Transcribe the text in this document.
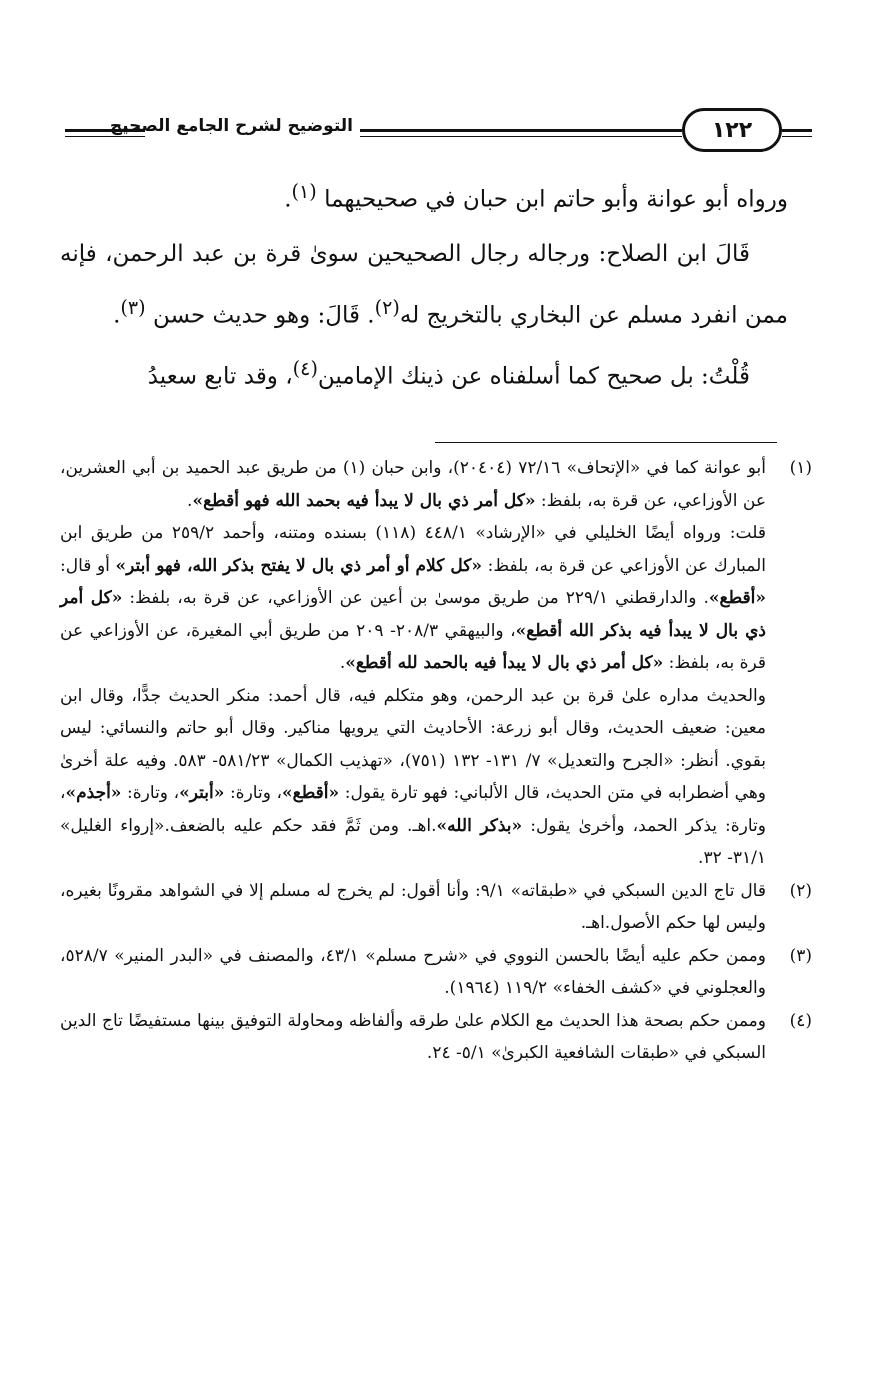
التوضيح لشرح الجامع الصحيح	١٢٢

ورواه أبو عوانة وأبو حاتم ابن حبان في صحيحيهما $^{(١)}$.

قَالَ ابن الصلاح: ورجاله رجال الصحيحين سوىٰ قرة بن عبد الرحمن، فإنه ممن انفرد مسلم عن البخاري بالتخريج له$^{(٢)}$. قَالَ: وهو حديث حسن $^{(٣)}$.

قُلْتُ: بل صحيح كما أسلفناه عن ذينك الإمامين$^{(٤)}$، وقد تابع سعيدُ

(١)

أبو عوانة كما في «الإتحاف» ٧٢/١٦ (٢٠٤٠٤)، وابن حبان (١) من طريق عبد الحميد بن أبي العشرين، عن الأوزاعي، عن قرة به، بلفظ: «كل أمر ذي بال لا يبدأ فيه بحمد الله فهو أقطع».

قلت: ورواه أيضًا الخليلي في «الإرشاد» ٤٤٨/١ (١١٨) بسنده ومتنه، وأحمد ٢٥٩/٢ من طريق ابن المبارك عن الأوزاعي عن قرة به، بلفظ: «كل كلام أو أمر ذي بال لا يفتح بذكر الله، فهو أبتر» أو قال: «أقطع». والدارقطني ٢٢٩/١ من طريق موسىٰ بن أعين عن الأوزاعي، عن قرة به، بلفظ: «كل أمر ذي بال لا يبدأ فيه بذكر الله أقطع»، والبيهقي ٢٠٨/٣- ٢٠٩ من طريق أبي المغيرة، عن الأوزاعي عن قرة به، بلفظ: «كل أمر ذي بال لا يبدأ فيه بالحمد لله أقطع».

والحديث مداره علىٰ قرة بن عبد الرحمن، وهو متكلم فيه، قال أحمد: منكر الحديث جدًّا، وقال ابن معين: ضعيف الحديث، وقال أبو زرعة: الأحاديث التي يرويها مناكير. وقال أبو حاتم والنسائي: ليس بقوي. أنظر: «الجرح والتعديل» ٧/ ١٣١- ١٣٢ (٧٥١)، «تهذيب الكمال» ٥٨١/٢٣- ٥٨٣. وفيه علة أخرىٰ وهي أضطرابه في متن الحديث، قال الألباني: فهو تارة يقول: «أقطع»، وتارة: «أبتر»، وتارة: «أجذم»، وتارة: يذكر الحمد، وأخرىٰ يقول: «بذكر الله».اهـ. ومن ثَمَّ فقد حكم عليه بالضعف.«إرواء الغليل» ٣١/١- ٣٢.

(٢)

قال تاج الدين السبكي في «طبقاته» ٩/١: وأنا أقول: لم يخرج له مسلم إلا في الشواهد مقرونًا بغيره، وليس لها حكم الأصول.اهـ.

(٣)

وممن حكم عليه أيضًا بالحسن النووي في «شرح مسلم» ٤٣/١، والمصنف في «البدر المنير» ٥٢٨/٧، والعجلوني في «كشف الخفاء» ١١٩/٢ (١٩٦٤).

(٤)

وممن حكم بصحة هذا الحديث مع الكلام علىٰ طرقه وألفاظه ومحاولة التوفيق بينها مستفيضًا تاج الدين السبكي في «طبقات الشافعية الكبرىٰ» ٥/١- ٢٤.
